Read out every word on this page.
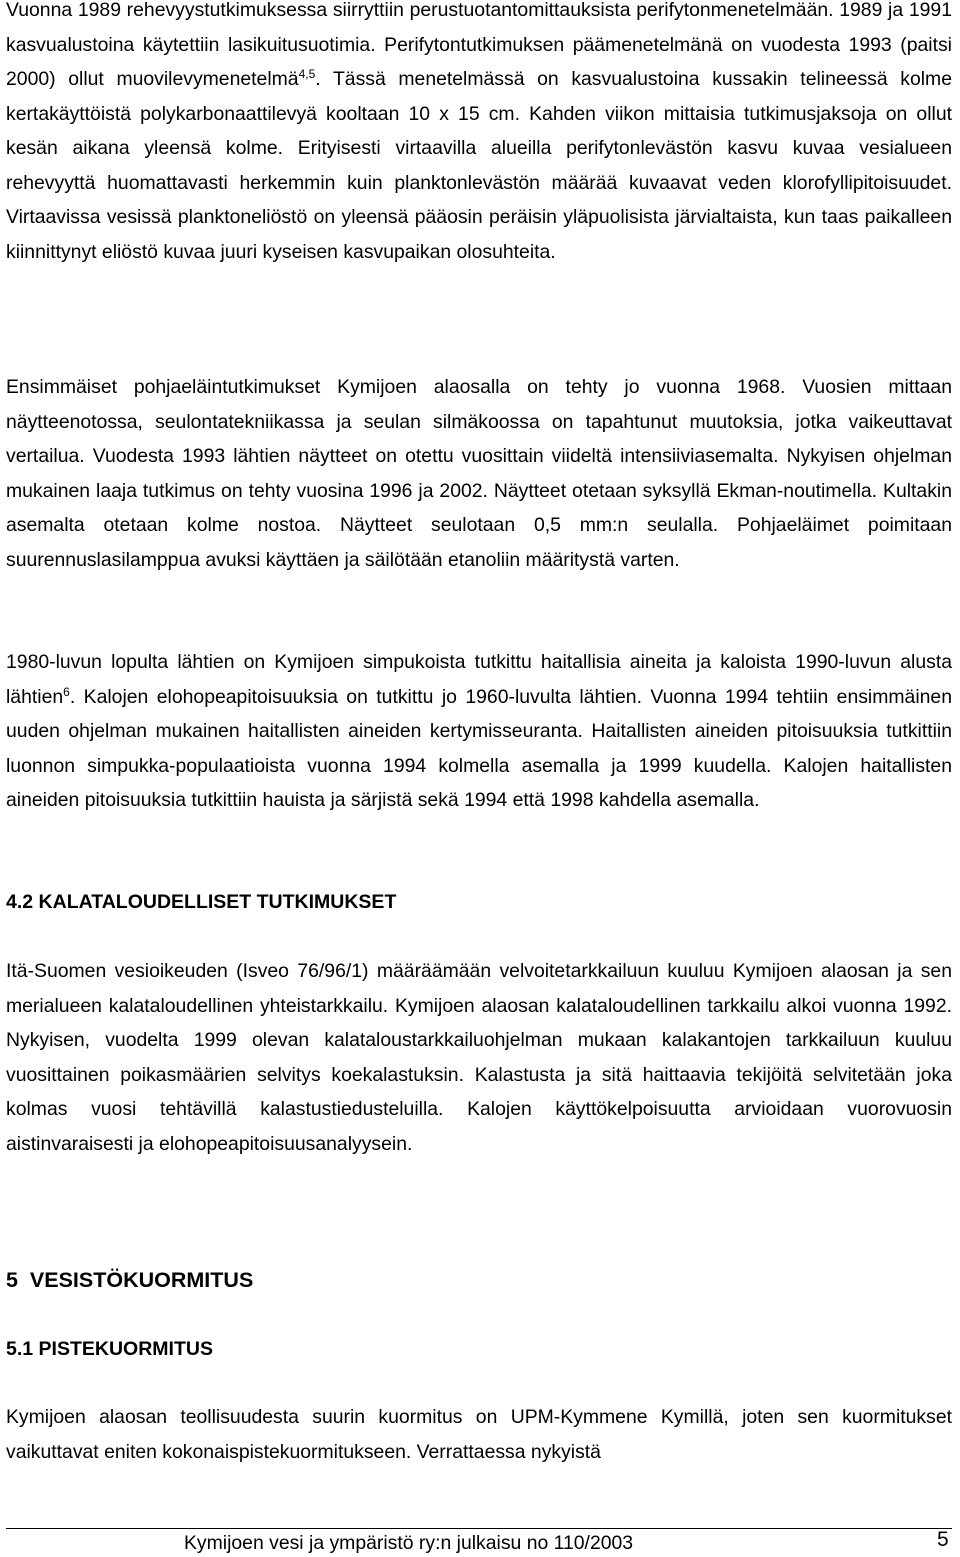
Vuonna 1989 rehevyystutkimuksessa siirryttiin perustuotantomittauksista perifytonmenetelmään. 1989 ja 1991 kasvualustoina käytettiin lasikuitusuotimia. Perifytontutkimuksen päämenetelmänä on vuodesta 1993 (paitsi 2000) ollut muovilevymenetelmä$^{4,5}$. Tässä menetelmässä on kasvualustoina kussakin telineessä kolme kertakäyttöistä polykarbonaattilevyä kooltaan 10 x 15 cm. Kahden viikon mittaisia tutkimusjaksoja on ollut kesän aikana yleensä kolme. Erityisesti virtaavilla alueilla perifytonlevästön kasvu kuvaa vesialueen rehevyyttä huomattavasti herkemmin kuin planktonlevästön määrää kuvaavat veden klorofyllipitoisuudet. Virtaavissa vesissä planktoneliöstö on yleensä pääosin peräisin yläpuolisista järvialtaista, kun taas paikalleen kiinnittynyt eliöstö kuvaa juuri kyseisen kasvupaikan olosuhteita.

Ensimmäiset pohjaeläintutkimukset Kymijoen alaosalla on tehty jo vuonna 1968. Vuosien mittaan näytteenotossa, seulontatekniikassa ja seulan silmäkoossa on tapahtunut muutoksia, jotka vaikeuttavat vertailua. Vuodesta 1993 lähtien näytteet on otettu vuosittain viideltä intensiiviasemalta. Nykyisen ohjelman mukainen laaja tutkimus on tehty vuosina 1996 ja 2002. Näytteet otetaan syksyllä Ekman-noutimella. Kultakin asemalta otetaan kolme nostoa. Näytteet seulotaan 0,5 mm:n seulalla. Pohjaeläimet poimitaan suurennuslasilamppua avuksi käyttäen ja säilötään etanoliin määritystä varten.

1980-luvun lopulta lähtien on Kymijoen simpukoista tutkittu haitallisia aineita ja kaloista 1990-luvun alusta lähtien$^6$. Kalojen elohopeapitoisuuksia on tutkittu jo 1960-luvulta lähtien. Vuonna 1994 tehtiin ensimmäinen uuden ohjelman mukainen haitallisten aineiden kertymisseuranta. Haitallisten aineiden pitoisuuksia tutkittiin luonnon simpukka-populaatioista vuonna 1994 kolmella asemalla ja 1999 kuudella. Kalojen haitallisten aineiden pitoisuuksia tutkittiin hauista ja särjistä sekä 1994 että 1998 kahdella asemalla.

4.2 KALATALOUDELLISET TUTKIMUKSET

Itä-Suomen vesioikeuden (Isveo 76/96/1) määräämään velvoitetarkkailuun kuuluu Kymijoen alaosan ja sen merialueen kalataloudellinen yhteistarkkailu. Kymijoen alaosan kalataloudellinen tarkkailu alkoi vuonna 1992. Nykyisen, vuodelta 1999 olevan kalataloustarkkailuohjelman mukaan kalakantojen tarkkailuun kuuluu vuosittainen poikasmäärien selvitys koekalastuksin. Kalastusta ja sitä haittaavia tekijöitä selvitetään joka kolmas vuosi tehtävillä kalastustiedusteluilla. Kalojen käyttökelpoisuutta arvioidaan vuorovuosin aistinvaraisesti ja elohopeapitoisuusanalyysein.

5  VESISTÖKUORMITUS
5.1 PISTEKUORMITUS

Kymijoen alaosan teollisuudesta suurin kuormitus on UPM-Kymmene Kymillä, joten sen kuormitukset vaikuttavat eniten kokonaispistekuormitukseen. Verrattaessa nykyistä

Kymijoen vesi ja ympäristö ry:n julkaisu no 110/2003	5
